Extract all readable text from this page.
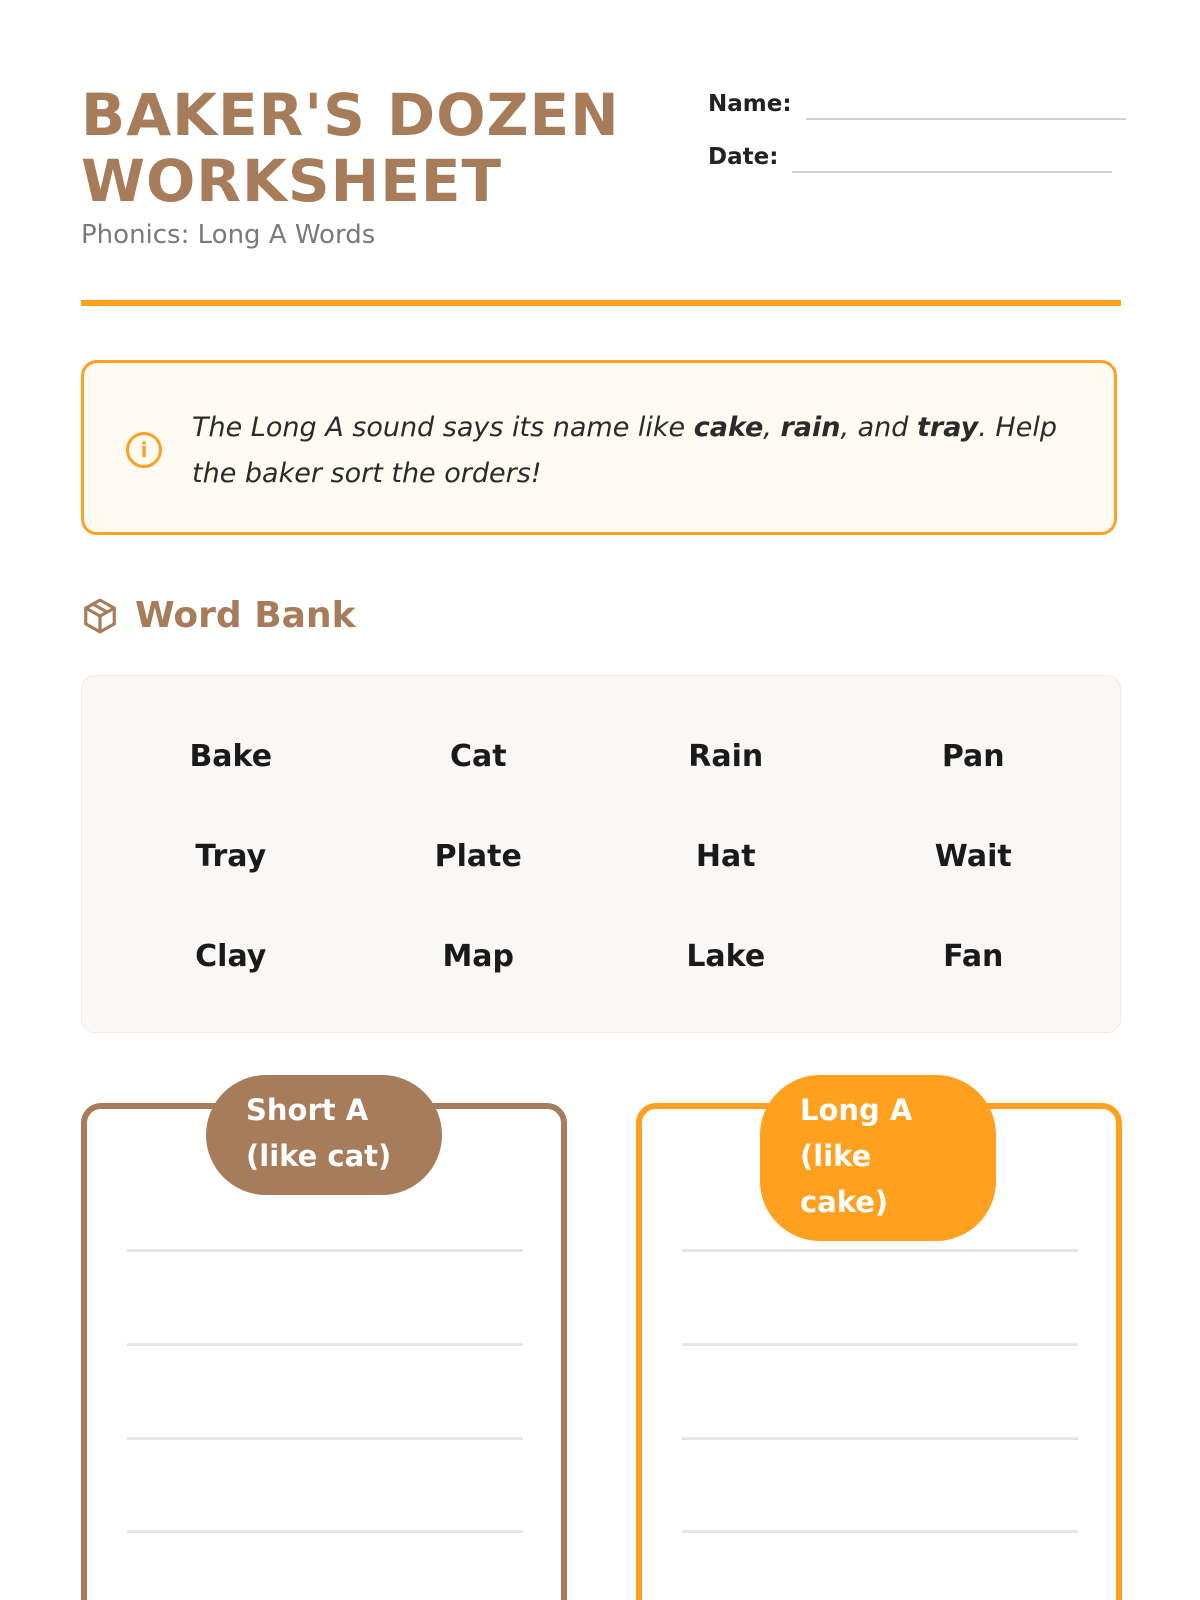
BAKER'S DOZEN WORKSHEET
Phonics: Long A Words
Name:
Date:
i

The Long A sound says its name like cake, rain, and tray. Help the baker sort the orders!

Word Bank
Bake	Cat	Rain	Pan
Tray	Plate	Hat	Wait
Clay	Map	Lake	Fan
Short A (like cat)
Long A (like cake)
